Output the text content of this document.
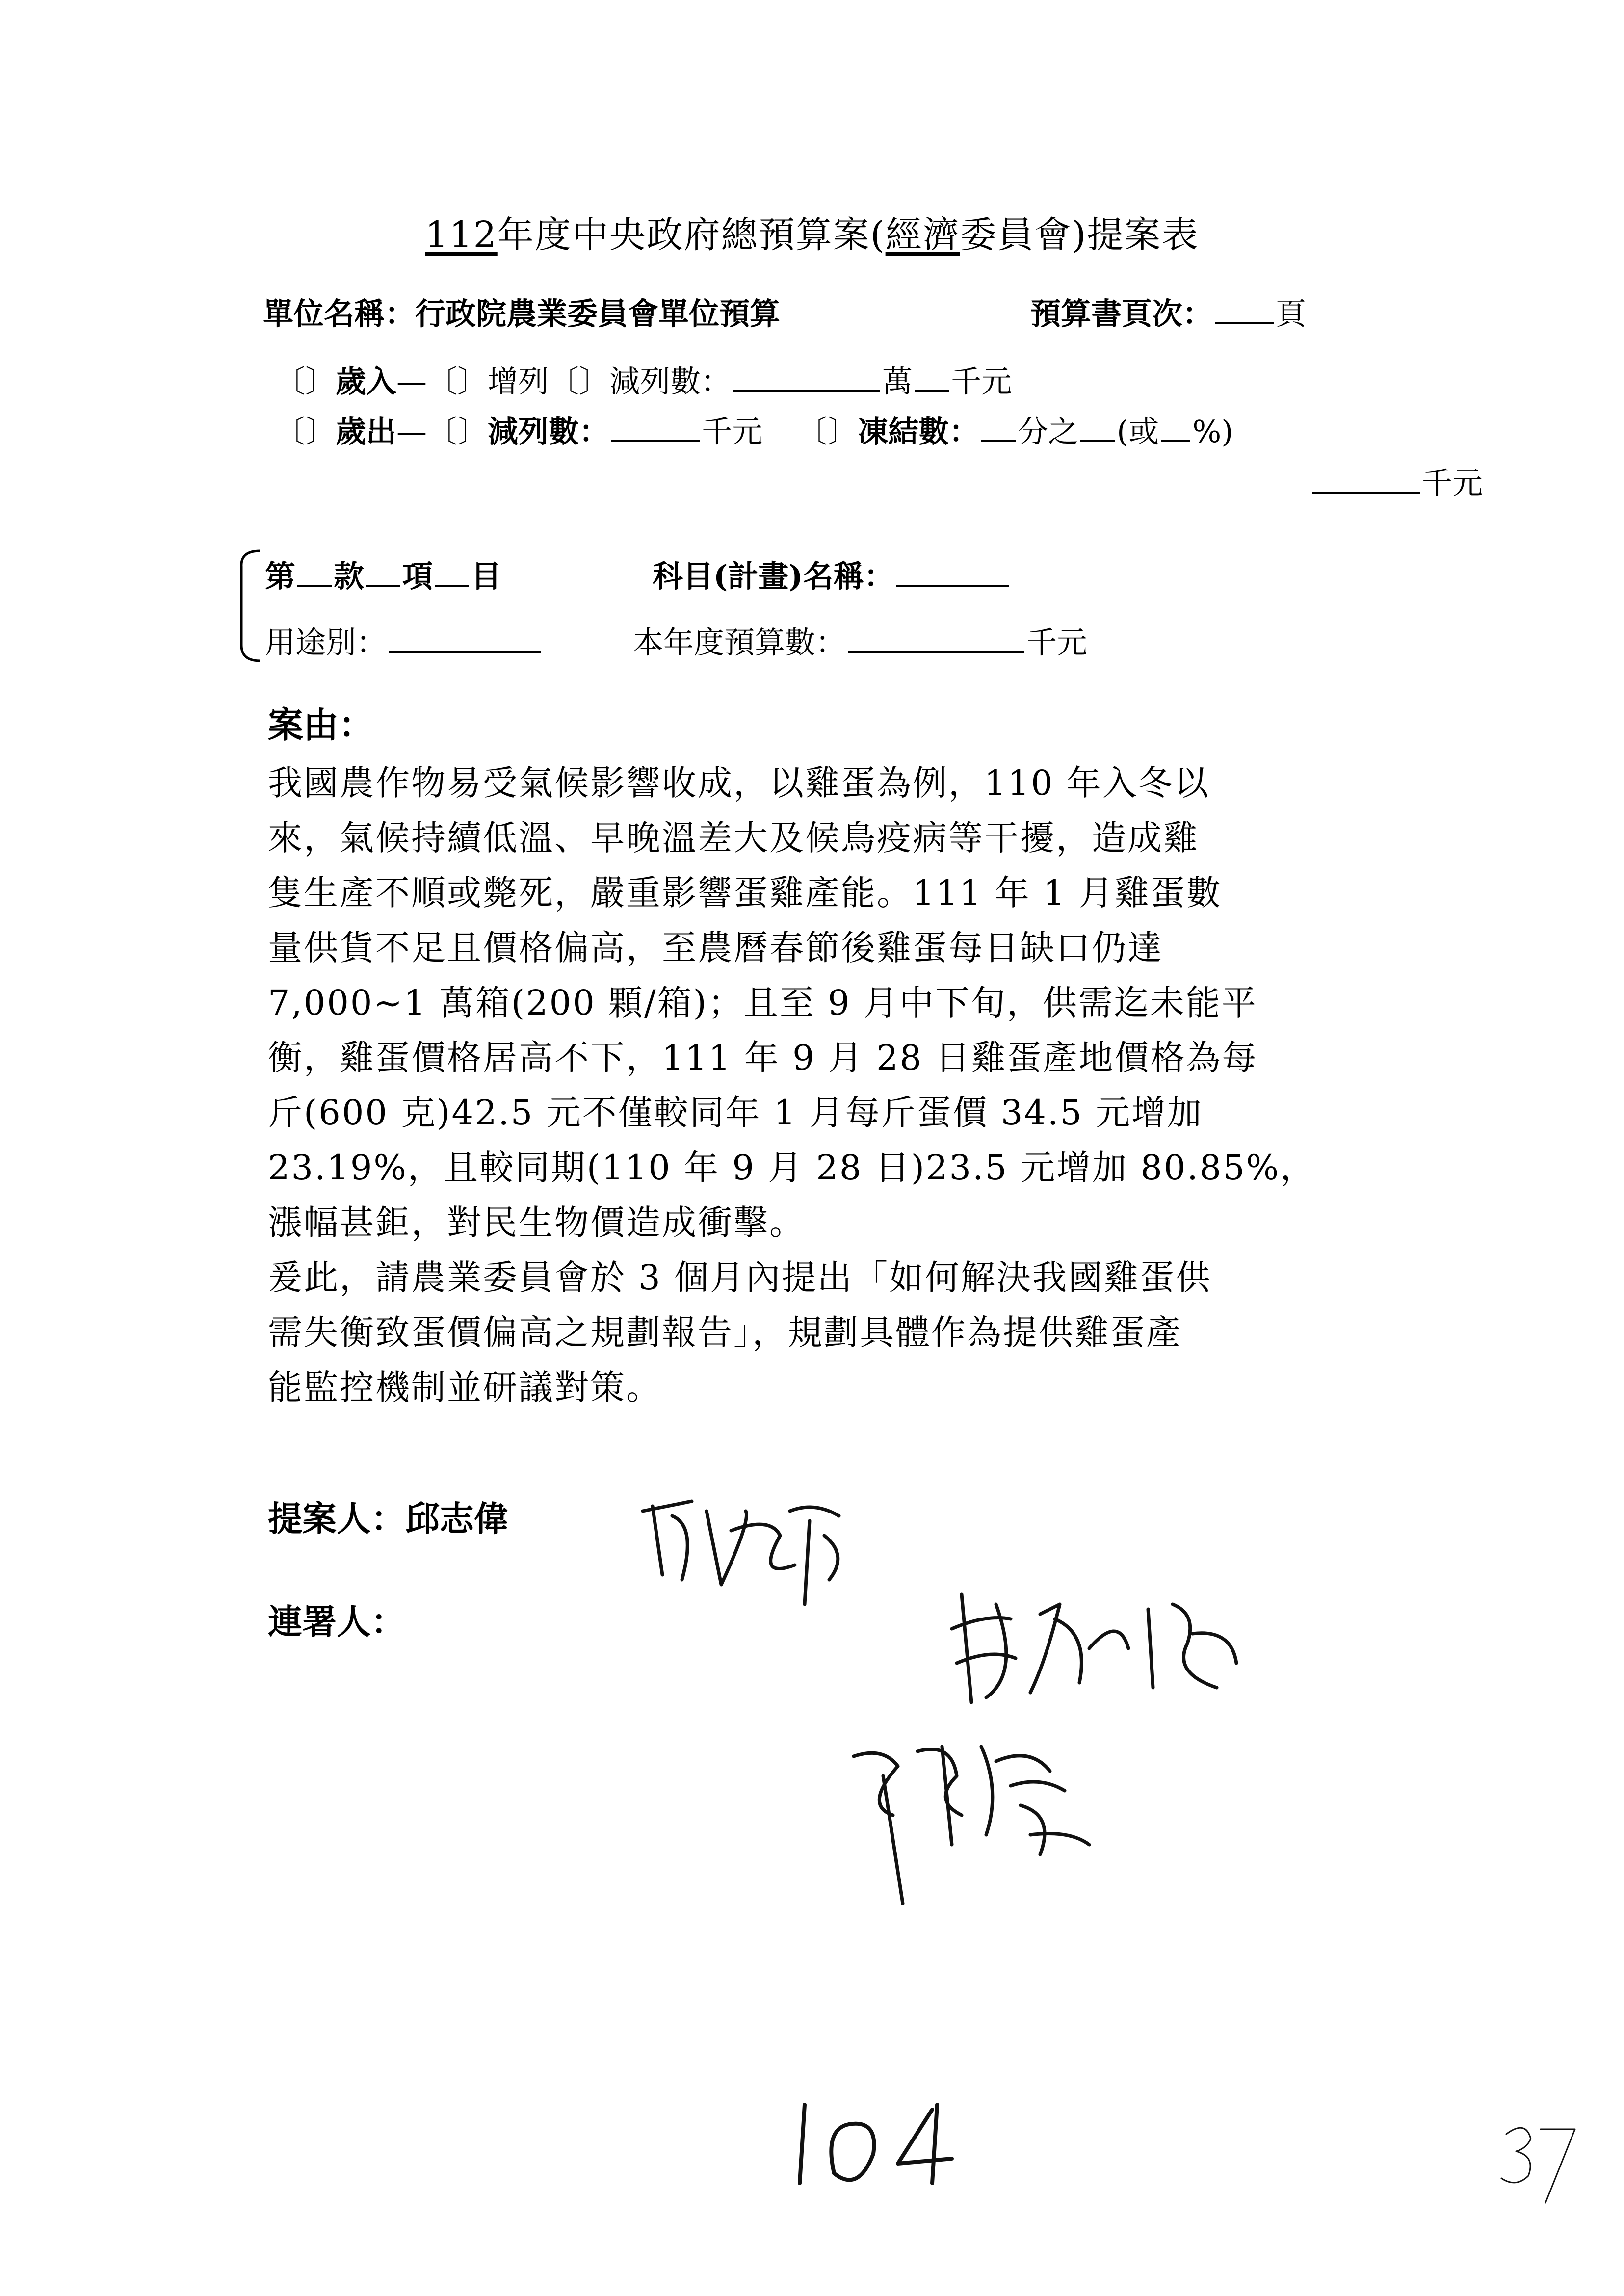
112年度中央政府總預算案(經濟委員會)提案表
單位名稱：行政院農業委員會單位預算	預算書頁次： 頁
〔〕歲入—〔〕增列〔〕減列數：	萬 千元
〔〕歲出—〔〕減列數：	千元 〔〕凍結數： 分之 (或 %)
千元
第 款 項 目	科目(計畫)名稱：
用途別：	本年度預算數：	千元
案由：
我國農作物易受氣候影響收成，以雞蛋為例，110 年入冬以
來，氣候持續低溫、早晚溫差大及候鳥疫病等干擾，造成雞
隻生產不順或斃死，嚴重影響蛋雞產能。111 年 1 月雞蛋數
量供貨不足且價格偏高，至農曆春節後雞蛋每日缺口仍達
7,000~1 萬箱(200 顆/箱)；且至 9 月中下旬，供需迄未能平
衡，雞蛋價格居高不下，111 年 9 月 28 日雞蛋產地價格為每
斤(600 克)42.5 元不僅較同年 1 月每斤蛋價 34.5 元增加
23.19%，且較同期(110 年 9 月 28 日)23.5 元增加 80.85%，
漲幅甚鉅，對民生物價造成衝擊。
爰此，請農業委員會於 3 個月內提出「如何解決我國雞蛋供
需失衡致蛋價偏高之規劃報告」，規劃具體作為提供雞蛋產
能監控機制並研議對策。
提案人：邱志偉
連署人：
